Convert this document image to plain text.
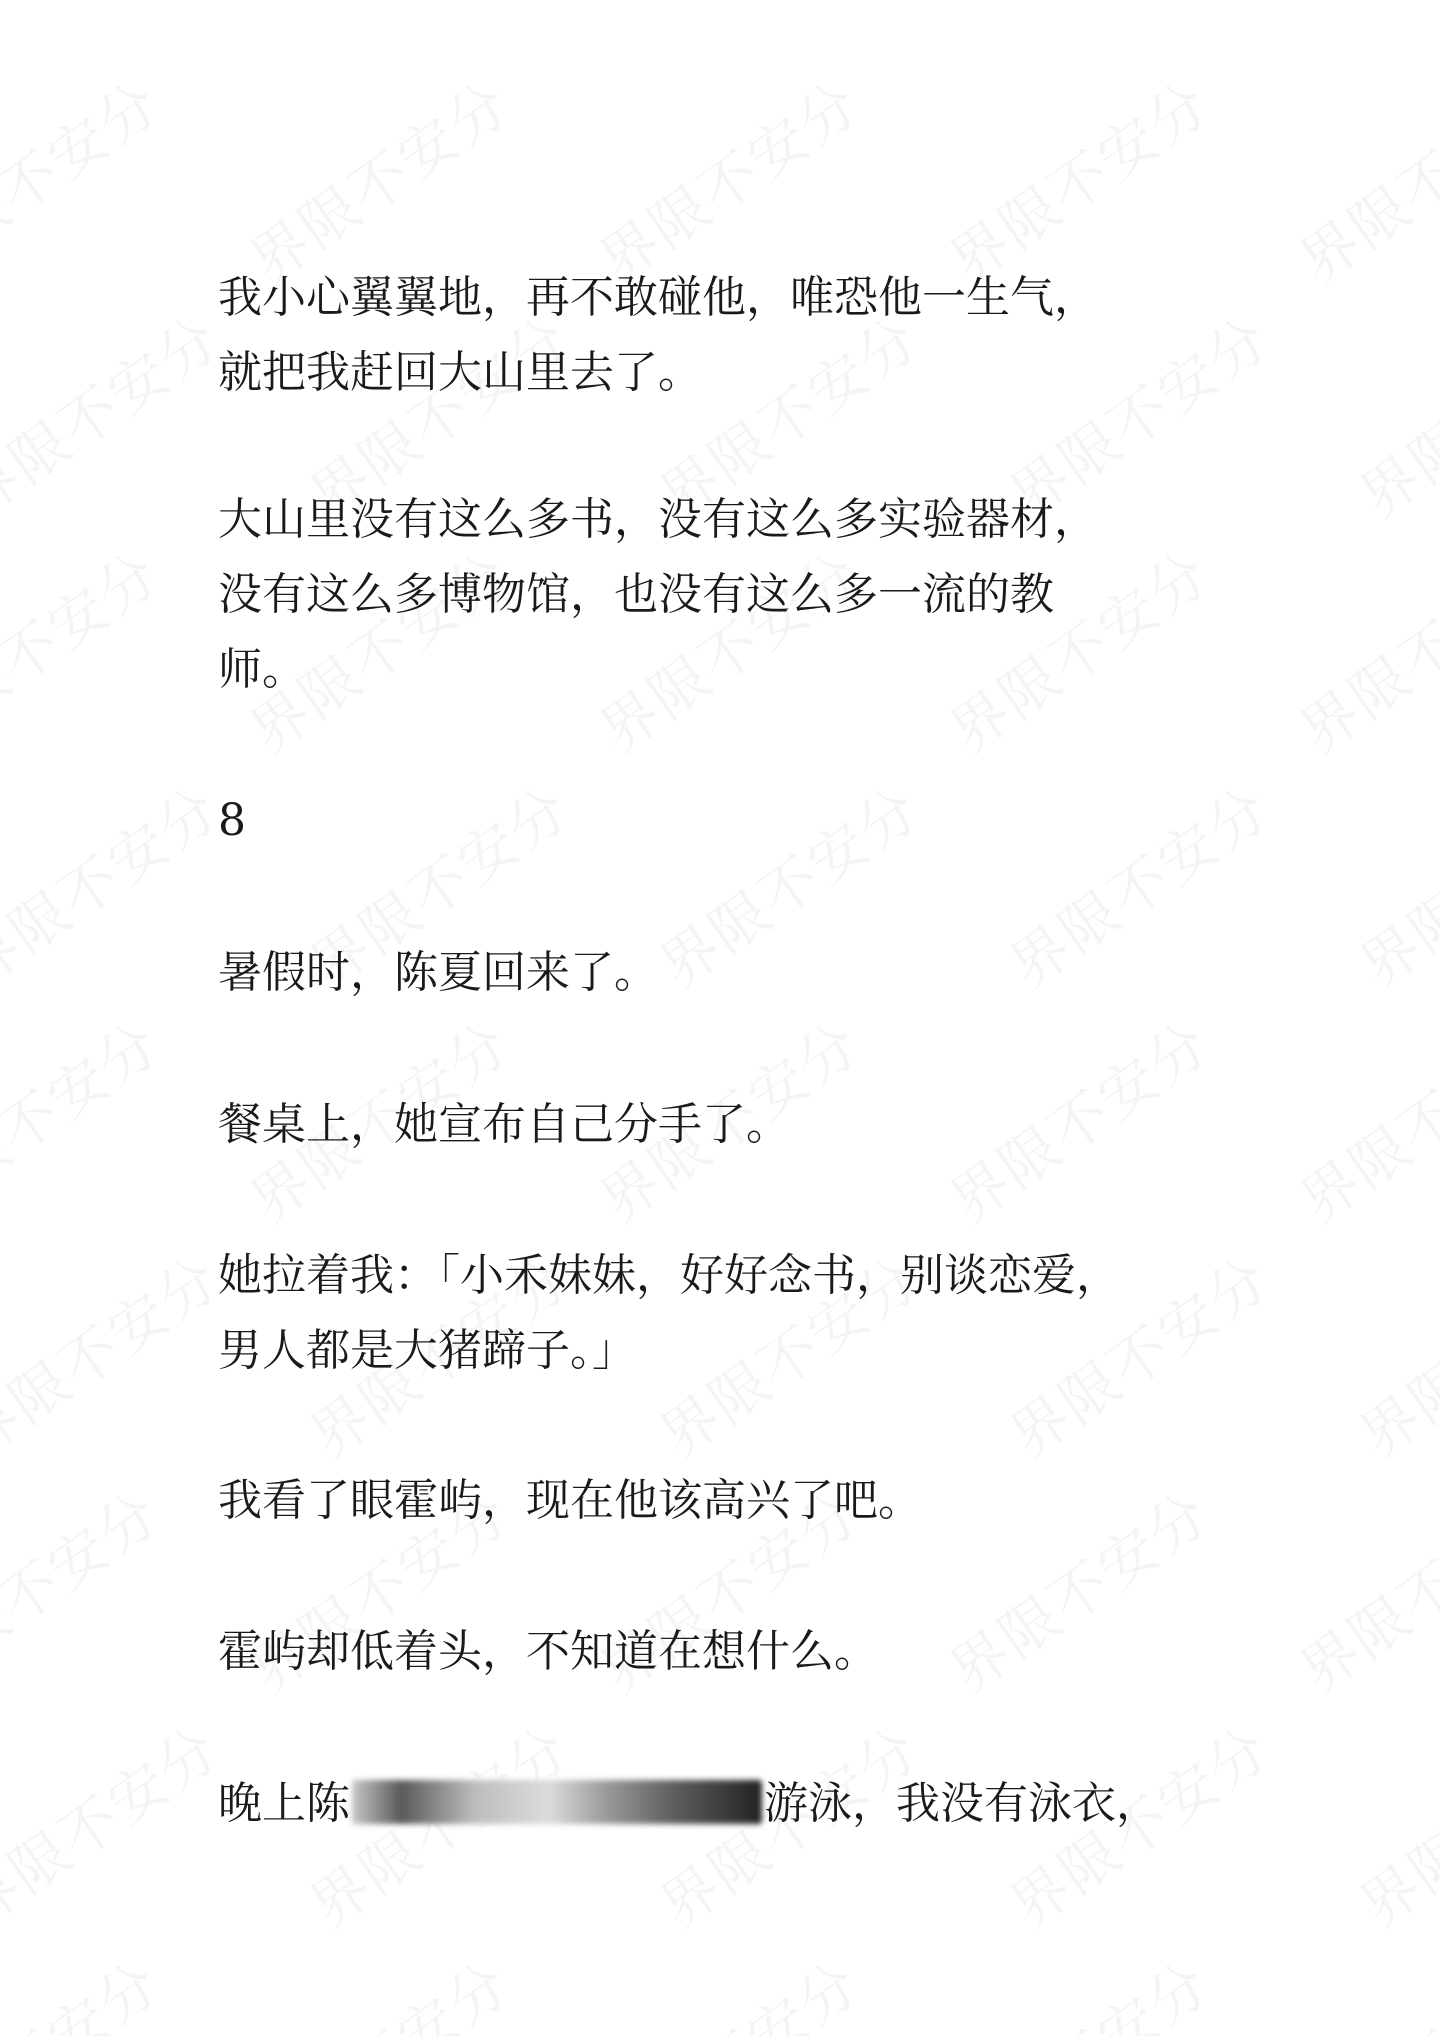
我小心翼翼地，再不敢碰他，唯恐他一生气，
就把我赶回大山里去了。

大山里没有这么多书，没有这么多实验器材，
没有这么多博物馆，也没有这么多一流的教
师。

8

暑假时，陈夏回来了。

餐桌上，她宣布自己分手了。

她拉着我：「小禾妹妹，好好念书，别谈恋爱，
男人都是大猪蹄子。」

我看了眼霍屿，现在他该高兴了吧。

霍屿却低着头，不知道在想什么。

晚上陈	游泳，我没有泳衣，
